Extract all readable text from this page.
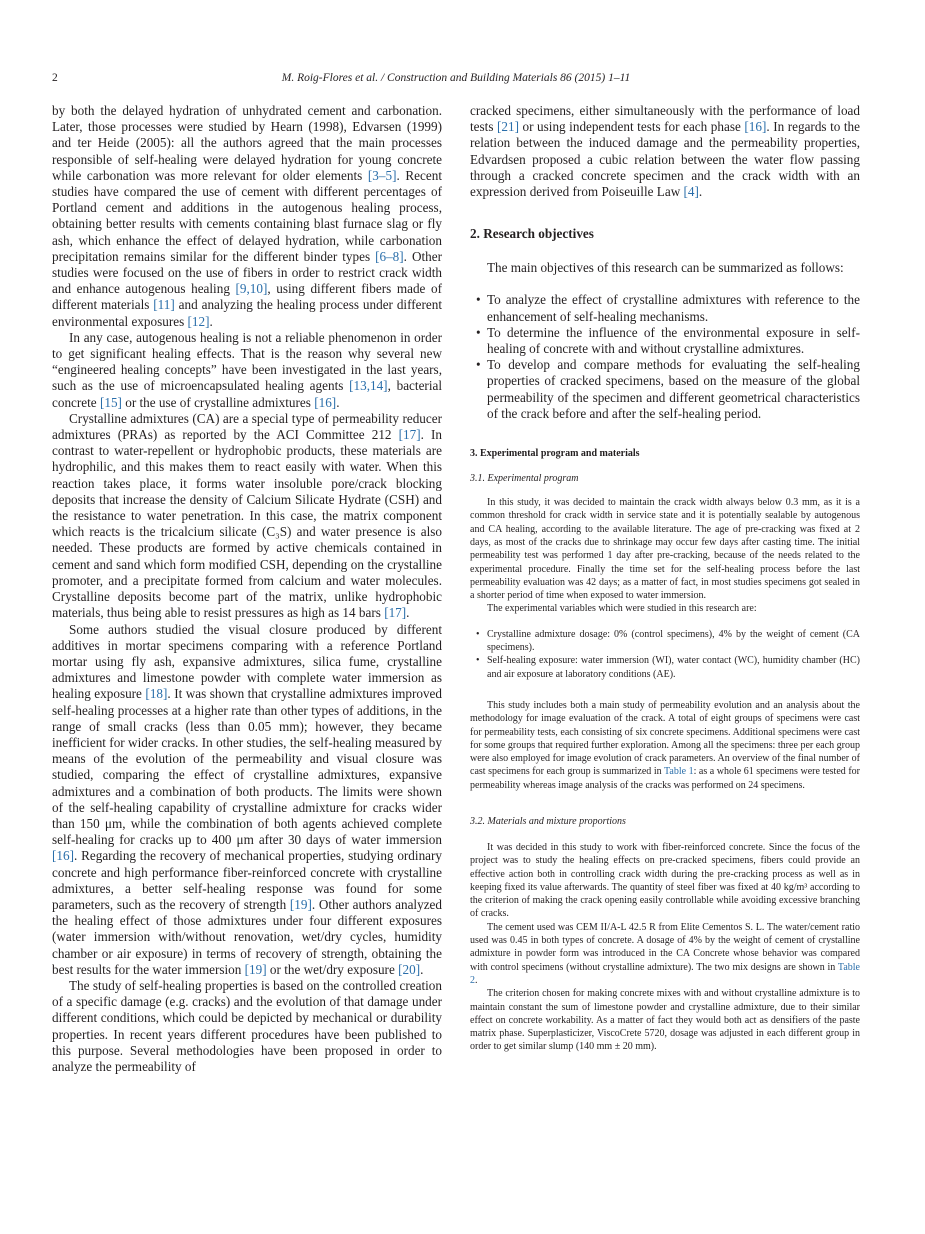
2	M. Roig-Flores et al. / Construction and Building Materials 86 (2015) 1–11

by both the delayed hydration of unhydrated cement and carbonation. Later, those processes were studied by Hearn (1998), Edvarsen (1999) and ter Heide (2005): all the authors agreed that the main processes responsible of self-healing were delayed hydration for young concrete while carbonation was more relevant for older elements [3–5]. Recent studies have compared the use of cement with different percentages of Portland cement and additions in the autogenous healing process, obtaining better results with cements containing blast furnace slag or fly ash, which enhance the effect of delayed hydration, while carbonation precipitation remains similar for the different binder types [6–8]. Other studies were focused on the use of fibers in order to restrict crack width and enhance autogenous healing [9,10], using different fibers made of different materials [11] and analyzing the healing process under different environmental exposures [12].

In any case, autogenous healing is not a reliable phenomenon in order to get significant healing effects. That is the reason why several new “engineered healing concepts” have been investigated in the last years, such as the use of microencapsulated healing agents [13,14], bacterial concrete [15] or the use of crystalline admixtures [16].

Crystalline admixtures (CA) are a special type of permeability reducer admixtures (PRAs) as reported by the ACI Committee 212 [17]. In contrast to water-repellent or hydrophobic products, these materials are hydrophilic, and this makes them to react easily with water. When this reaction takes place, it forms water insoluble pore/crack blocking deposits that increase the density of Calcium Silicate Hydrate (CSH) and the resistance to water penetration. In this case, the matrix component which reacts is the tricalcium silicate (C₃S) and water presence is also needed. These products are formed by active chemicals contained in cement and sand which form modified CSH, depending on the crystalline promoter, and a precipitate formed from calcium and water molecules. Crystalline deposits become part of the matrix, unlike hydrophobic materials, thus being able to resist pressures as high as 14 bars [17].

Some authors studied the visual closure produced by different additives in mortar specimens comparing with a reference Portland mortar using fly ash, expansive admixtures, silica fume, crystalline admixtures and limestone powder with complete water immersion as healing exposure [18]. It was shown that crystalline admixtures improved self-healing processes at a higher rate than other types of additions, in the range of small cracks (less than 0.05 mm); however, they became inefficient for wider cracks. In other studies, the self-healing measured by means of the evolution of the permeability and visual closure was studied, comparing the effect of crystalline admixtures, expansive admixtures and a combination of both products. The limits were shown of the self-healing capability of crystalline admixture for cracks wider than 150 μm, while the combination of both agents achieved complete self-healing for cracks up to 400 μm after 30 days of water immersion [16]. Regarding the recovery of mechanical properties, studying ordinary concrete and high performance fiber-reinforced concrete with crystalline admixtures, a better self-healing response was found for some parameters, such as the recovery of strength [19]. Other authors analyzed the healing effect of those admixtures under four different exposures (water immersion with/without renovation, wet/dry cycles, humidity chamber or air exposure) in terms of recovery of strength, obtaining the best results for the water immersion [19] or the wet/dry exposure [20].

The study of self-healing properties is based on the controlled creation of a specific damage (e.g. cracks) and the evolution of that damage under different conditions, which could be depicted by mechanical or durability properties. In recent years different procedures have been published to this purpose. Several methodologies have been proposed in order to analyze the permeability of

cracked specimens, either simultaneously with the performance of load tests [21] or using independent tests for each phase [16]. In regards to the relation between the induced damage and the permeability properties, Edvardsen proposed a cubic relation between the water flow passing through a cracked concrete specimen and the crack width with an expression derived from Poiseuille Law [4].

2. Research objectives

The main objectives of this research can be summarized as follows:

• To analyze the effect of crystalline admixtures with reference to the enhancement of self-healing mechanisms.
• To determine the influence of the environmental exposure in self-healing of concrete with and without crystalline admixtures.
• To develop and compare methods for evaluating the self-healing properties of cracked specimens, based on the measure of the global permeability of the specimen and different geometrical characteristics of the crack before and after the self-healing period.
3. Experimental program and materials
3.1. Experimental program

In this study, it was decided to maintain the crack width always below 0.3 mm, as it is a common threshold for crack width in service state and it is potentially sealable by autogenous and CA healing, according to the available literature. The age of pre-cracking was fixed at 2 days, as most of the cracks due to shrinkage may occur few days after casting time. The initial permeability test was performed 1 day after pre-cracking, because of the needs related to the experimental procedure. Finally the time set for the self-healing process before the last permeability evaluation was 42 days; as a matter of fact, in most studies specimens got sealed in a shorter period of time when exposed to water immersion.

The experimental variables which were studied in this research are:

• Crystalline admixture dosage: 0% (control specimens), 4% by the weight of cement (CA specimens).
• Self-healing exposure: water immersion (WI), water contact (WC), humidity chamber (HC) and air exposure at laboratory conditions (AE).

This study includes both a main study of permeability evolution and an analysis about the methodology for image evaluation of the crack. A total of eight groups of specimens were cast for permeability tests, each consisting of six concrete specimens. Additional specimens were cast for some groups that required further exploration. Among all the specimens: three per each group were also employed for image evolution of crack parameters. An overview of the final number of cast specimens for each group is summarized in Table 1: as a whole 61 specimens were tested for permeability whereas image analysis of the cracks was performed on 24 specimens.

3.2. Materials and mixture proportions

It was decided in this study to work with fiber-reinforced concrete. Since the focus of the project was to study the healing effects on pre-cracked specimens, fibers could provide an effective action both in controlling crack width during the pre-cracking process as well as in keeping fixed its value afterwards. The quantity of steel fiber was fixed at 40 kg/m³ according to the criterion of making the crack opening easily controllable while avoiding excessive branching of cracks.

The cement used was CEM II/A-L 42.5 R from Elite Cementos S. L. The water/cement ratio used was 0.45 in both types of concrete. A dosage of 4% by the weight of cement of crystalline admixture in powder form was introduced in the CA Concrete whose behavior was compared with control specimens (without crystalline admixture). The two mix designs are shown in Table 2.

The criterion chosen for making concrete mixes with and without crystalline admixture is to maintain constant the sum of limestone powder and crystalline admixture, due to their similar effect on concrete workability. As a matter of fact they would both act as densifiers of the paste matrix phase. Superplasticizer, ViscoCrete 5720, dosage was adjusted in each different group in order to get similar slump (140 mm ± 20 mm).
